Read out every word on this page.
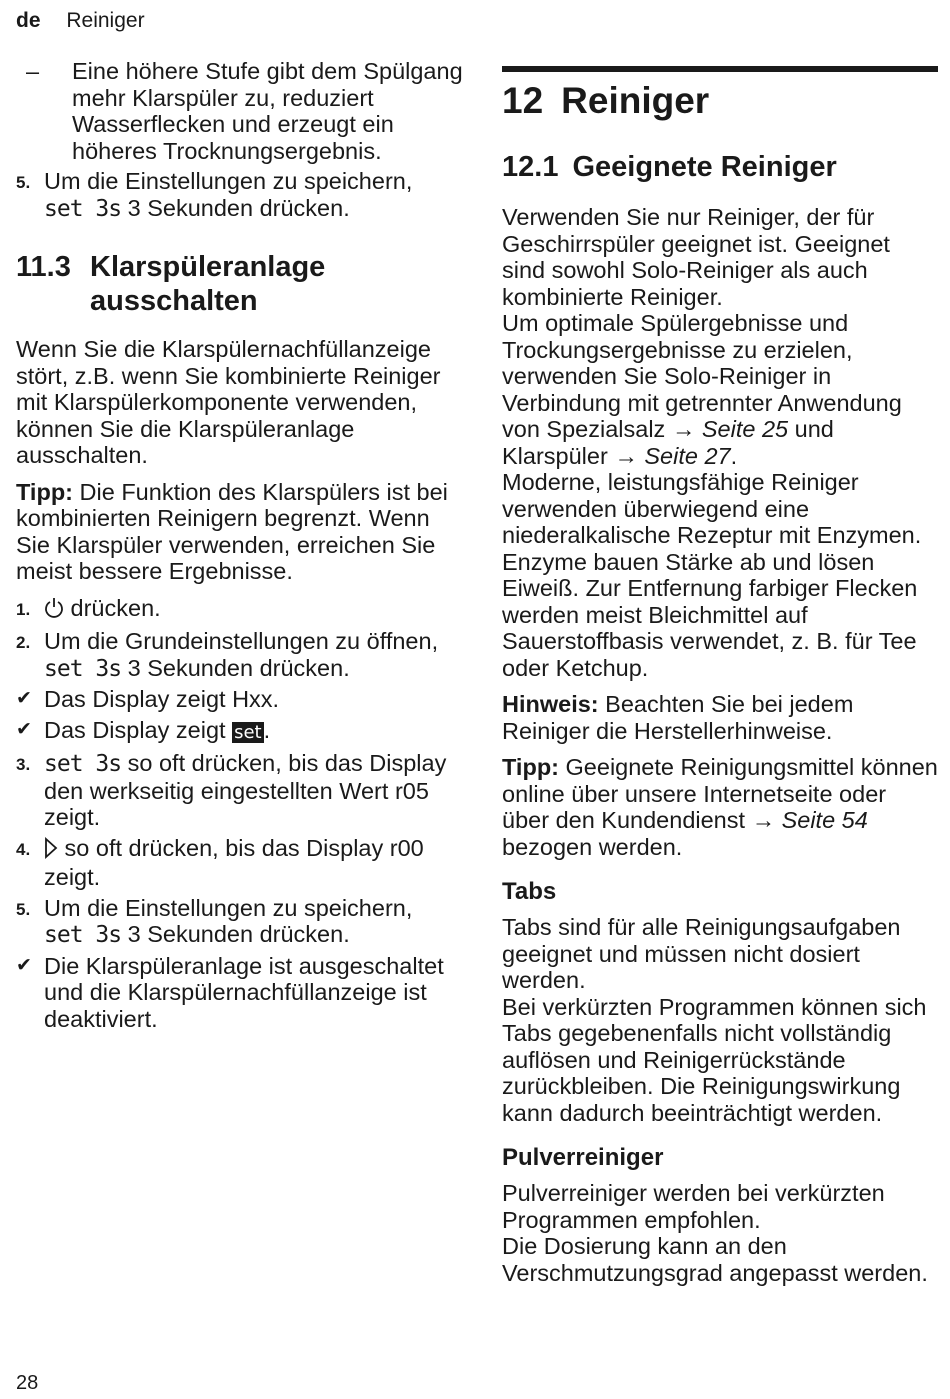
de Reiniger
– Eine höhere Stufe gibt dem Spülgang mehr Klarspüler zu, reduziert Wasserflecken und erzeugt ein höheres Trocknungsergebnis.
5. Um die Einstellungen zu speichern,
set 3s 3 Sekunden drücken.
11.3 Klarspüleranlage ausschalten

Wenn Sie die Klarspülernachfüllanzeige stört, z.B. wenn Sie kombinierte Reiniger mit Klarspülerkomponente verwenden, können Sie die Klarspüleranlage ausschalten.

Tipp: Die Funktion des Klarspülers ist bei kombinierten Reinigern begrenzt. Wenn Sie Klarspüler verwenden, erreichen Sie meist bessere Ergebnisse.

1. drücken.
2. Um die Grundeinstellungen zu öffnen, set 3s 3 Sekunden drücken.
✔ Das Display zeigt Hxx.
✔ Das Display zeigt set.
3. set 3s so oft drücken, bis das Display den werkseitig eingestellten Wert r05 zeigt.
4. so oft drücken, bis das Display r00 zeigt.
5. Um die Einstellungen zu speichern,
set 3s 3 Sekunden drücken.
✔ Die Klarspüleranlage ist ausgeschaltet und die Klarspülernachfüllanzeige ist deaktiviert.
12 Reiniger
12.1 Geeignete Reiniger

Verwenden Sie nur Reiniger, der für Geschirrspüler geeignet ist. Geeignet sind sowohl Solo-Reiniger als auch kombinierte Reiniger.

Um optimale Spülergebnisse und Trockungsergebnisse zu erzielen, verwenden Sie Solo-Reiniger in Verbindung mit getrennter Anwendung von Spezialsalz → Seite 25 und Klarspüler → Seite 27.

Moderne, leistungsfähige Reiniger verwenden überwiegend eine niederalkalische Rezeptur mit Enzymen. Enzyme bauen Stärke ab und lösen Eiweiß. Zur Entfernung farbiger Flecken werden meist Bleichmittel auf Sauerstoffbasis verwendet, z. B. für Tee oder Ketchup.

Hinweis: Beachten Sie bei jedem Reiniger die Herstellerhinweise.

Tipp: Geeignete Reinigungsmittel können online über unsere Internetseite oder über den Kundendienst → Seite 54 bezogen werden.

Tabs

Tabs sind für alle Reinigungsaufgaben geeignet und müssen nicht dosiert werden.

Bei verkürzten Programmen können sich Tabs gegebenenfalls nicht vollständig auflösen und Reinigerrückstände zurückbleiben. Die Reinigungswirkung kann dadurch beeinträchtigt werden.

Pulverreiniger

Pulverreiniger werden bei verkürzten Programmen empfohlen.

Die Dosierung kann an den Verschmutzungsgrad angepasst werden.

28
